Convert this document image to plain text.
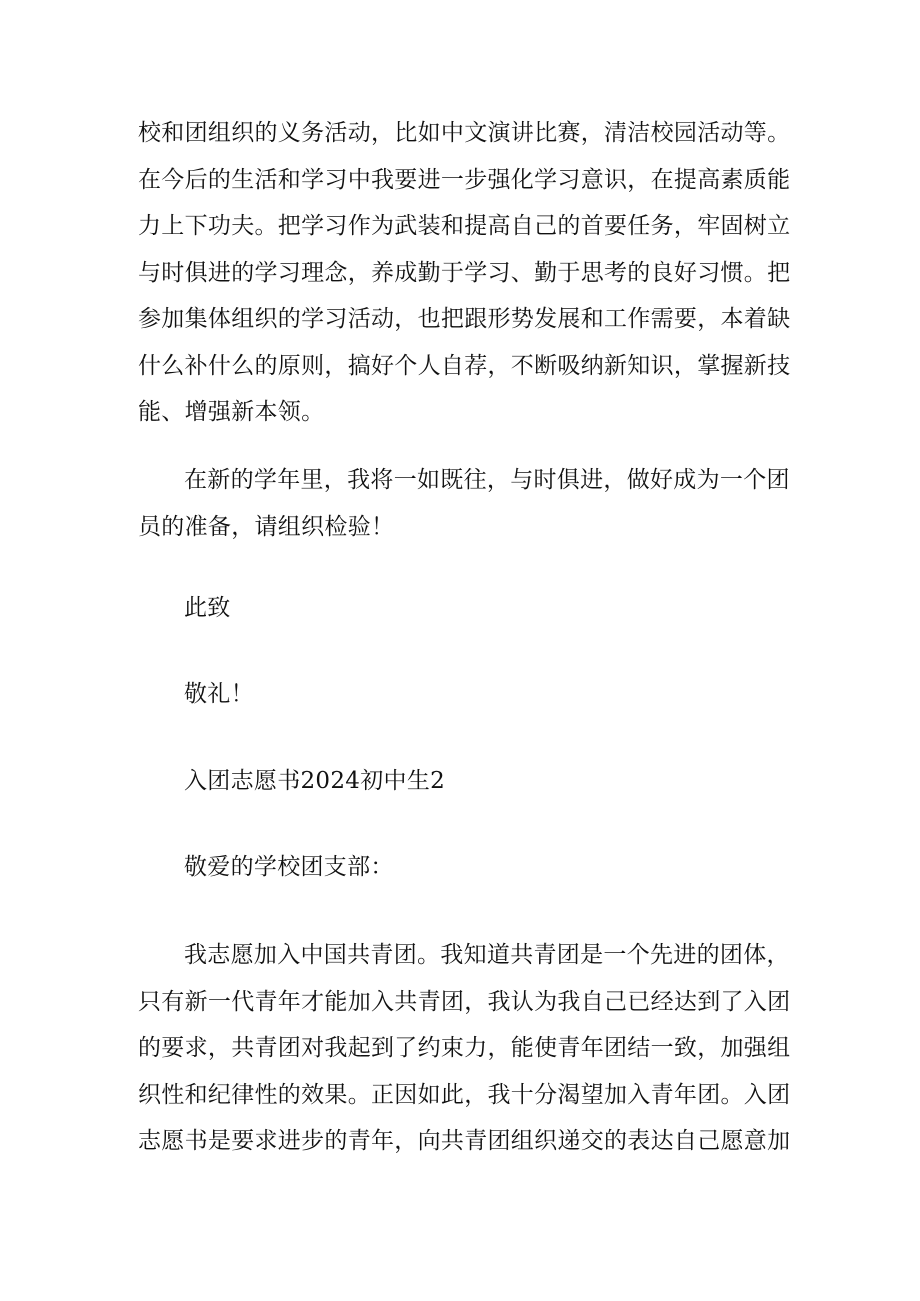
校和团组织的义务活动，比如中文演讲比赛，清洁校园活动等。
在今后的生活和学习中我要进一步强化学习意识，在提高素质能
力上下功夫。把学习作为武装和提高自己的首要任务，牢固树立
与时俱进的学习理念，养成勤于学习、勤于思考的良好习惯。把
参加集体组织的学习活动，也把跟形势发展和工作需要，本着缺
什么补什么的原则，搞好个人自荐，不断吸纳新知识，掌握新技
能、增强新本领。
在新的学年里，我将一如既往，与时俱进，做好成为一个团
员的准备，请组织检验！
此致
敬礼！
入团志愿书2024初中生2
敬爱的学校团支部：
我志愿加入中国共青团。我知道共青团是一个先进的团体，
只有新一代青年才能加入共青团，我认为我自己已经达到了入团
的要求，共青团对我起到了约束力，能使青年团结一致，加强组
织性和纪律性的效果。正因如此，我十分渴望加入青年团。入团
志愿书是要求进步的青年，向共青团组织递交的表达自己愿意加
